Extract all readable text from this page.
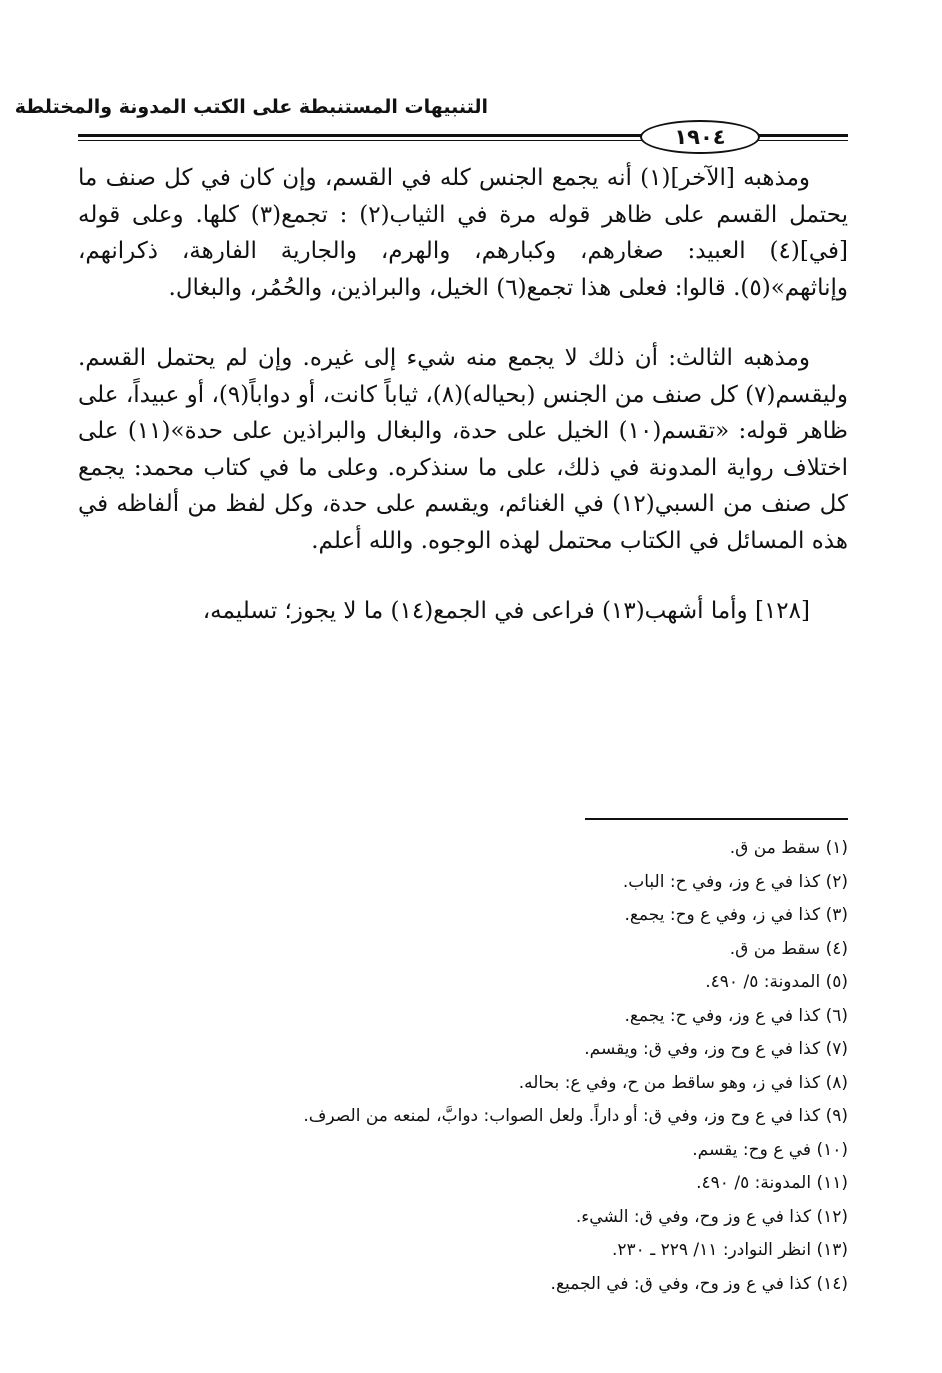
التنبيهات المستنبطة على الكتب المدونة والمختلطة
١٩٠٤

ومذهبه [الآخر](١) أنه يجمع الجنس كله في القسم، وإن كان في كل صنف ما يحتمل القسم على ظاهر قوله مرة في الثياب(٢) : تجمع(٣) كلها. وعلى قوله [في](٤) العبيد: صغارهم، وكبارهم، والهرم، والجارية الفارهة، ذكرانهم، وإناثهم»(٥). قالوا: فعلى هذا تجمع(٦) الخيل، والبراذين، والحُمُر، والبغال.

ومذهبه الثالث: أن ذلك لا يجمع منه شيء إلى غيره. وإن لم يحتمل القسم. وليقسم(٧) كل صنف من الجنس (بحياله)(٨)، ثياباً كانت، أو دواباً(٩)، أو عبيداً، على ظاهر قوله: «تقسم(١٠) الخيل على حدة، والبغال والبراذين على حدة»(١١) على اختلاف رواية المدونة في ذلك، على ما سنذكره. وعلى ما في كتاب محمد: يجمع كل صنف من السبي(١٢) في الغنائم، ويقسم على حدة، وكل لفظ من ألفاظه في هذه المسائل في الكتاب محتمل لهذه الوجوه. والله أعلم.

[١٢٨] وأما أشهب(١٣) فراعى في الجمع(١٤) ما لا يجوز؛ تسليمه،

(١) سقط من ق.
(٢) كذا في ع وز، وفي ح: الباب.
(٣) كذا في ز، وفي ع وح: يجمع.
(٤) سقط من ق.
(٥) المدونة: ٥/ ٤٩٠.
(٦) كذا في ع وز، وفي ح: يجمع.
(٧) كذا في ع وح وز، وفي ق: ويقسم.
(٨) كذا في ز، وهو ساقط من ح، وفي ع: بحاله.
(٩) كذا في ع وح وز، وفي ق: أو داراً. ولعل الصواب: دوابَّ، لمنعه من الصرف.
(١٠) في ع وح: يقسم.
(١١) المدونة: ٥/ ٤٩٠.
(١٢) كذا في ع وز وح، وفي ق: الشيء.
(١٣) انظر النوادر: ١١/ ٢٢٩ ـ ٢٣٠.
(١٤) كذا في ع وز وح، وفي ق: في الجميع.
